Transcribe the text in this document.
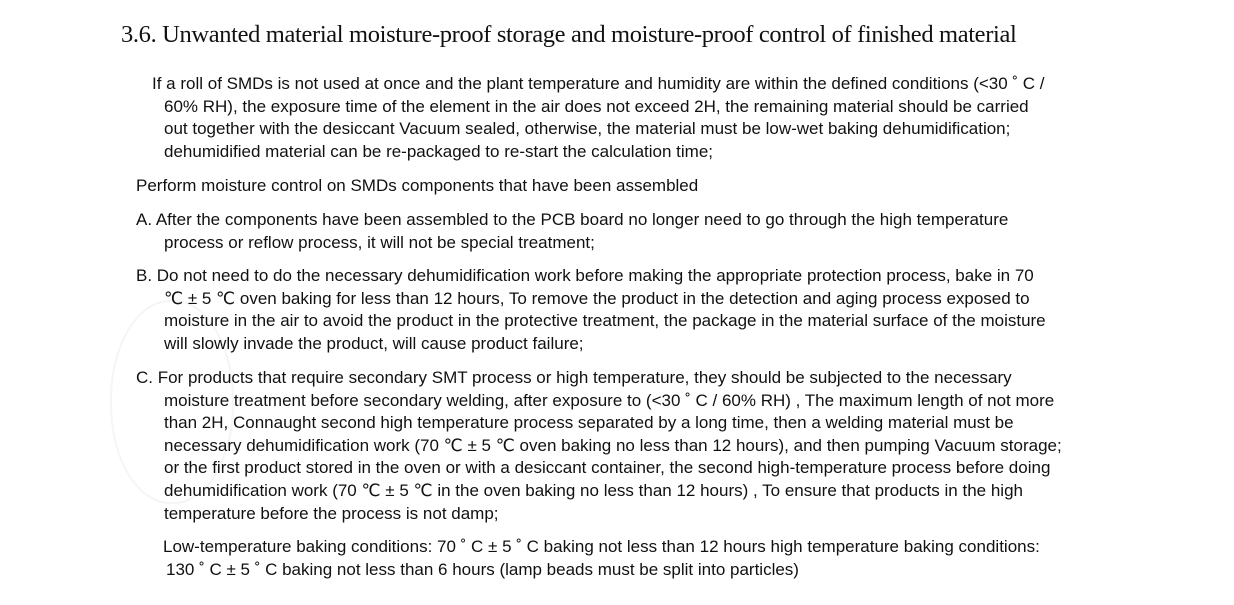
3.6. Unwanted material moisture-proof storage and moisture-proof control of finished material
If a roll of SMDs is not used at once and the plant temperature and humidity are within the defined conditions (<30 ˚ C /
60% RH), the exposure time of the element in the air does not exceed 2H, the remaining material should be carried
out together with the desiccant Vacuum sealed, otherwise, the material must be low-wet baking dehumidification;
dehumidified material can be re-packaged to re-start the calculation time;
Perform moisture control on SMDs components that have been assembled
A. After the components have been assembled to the PCB board no longer need to go through the high temperature
process or reflow process, it will not be special treatment;
B. Do not need to do the necessary dehumidification work before making the appropriate protection process, bake in 70
℃ ± 5 ℃ oven baking for less than 12 hours, To remove the product in the detection and aging process exposed to
moisture in the air to avoid the product in the protective treatment, the package in the material surface of the moisture
will slowly invade the product, will cause product failure;
C. For products that require secondary SMT process or high temperature, they should be subjected to the necessary
moisture treatment before secondary welding, after exposure to (<30 ˚ C / 60% RH) , The maximum length of not more
than 2H, Connaught second high temperature process separated by a long time, then a welding material must be
necessary dehumidification work (70 ℃ ± 5 ℃ oven baking no less than 12 hours), and then pumping Vacuum storage;
or the first product stored in the oven or with a desiccant container, the second high-temperature process before doing
dehumidification work (70 ℃ ± 5 ℃ in the oven baking no less than 12 hours) , To ensure that products in the high
temperature before the process is not damp;
Low-temperature baking conditions: 70 ˚ C ± 5 ˚ C baking not less than 12 hours high temperature baking conditions:
130 ˚ C ± 5 ˚ C baking not less than 6 hours (lamp beads must be split into particles)
